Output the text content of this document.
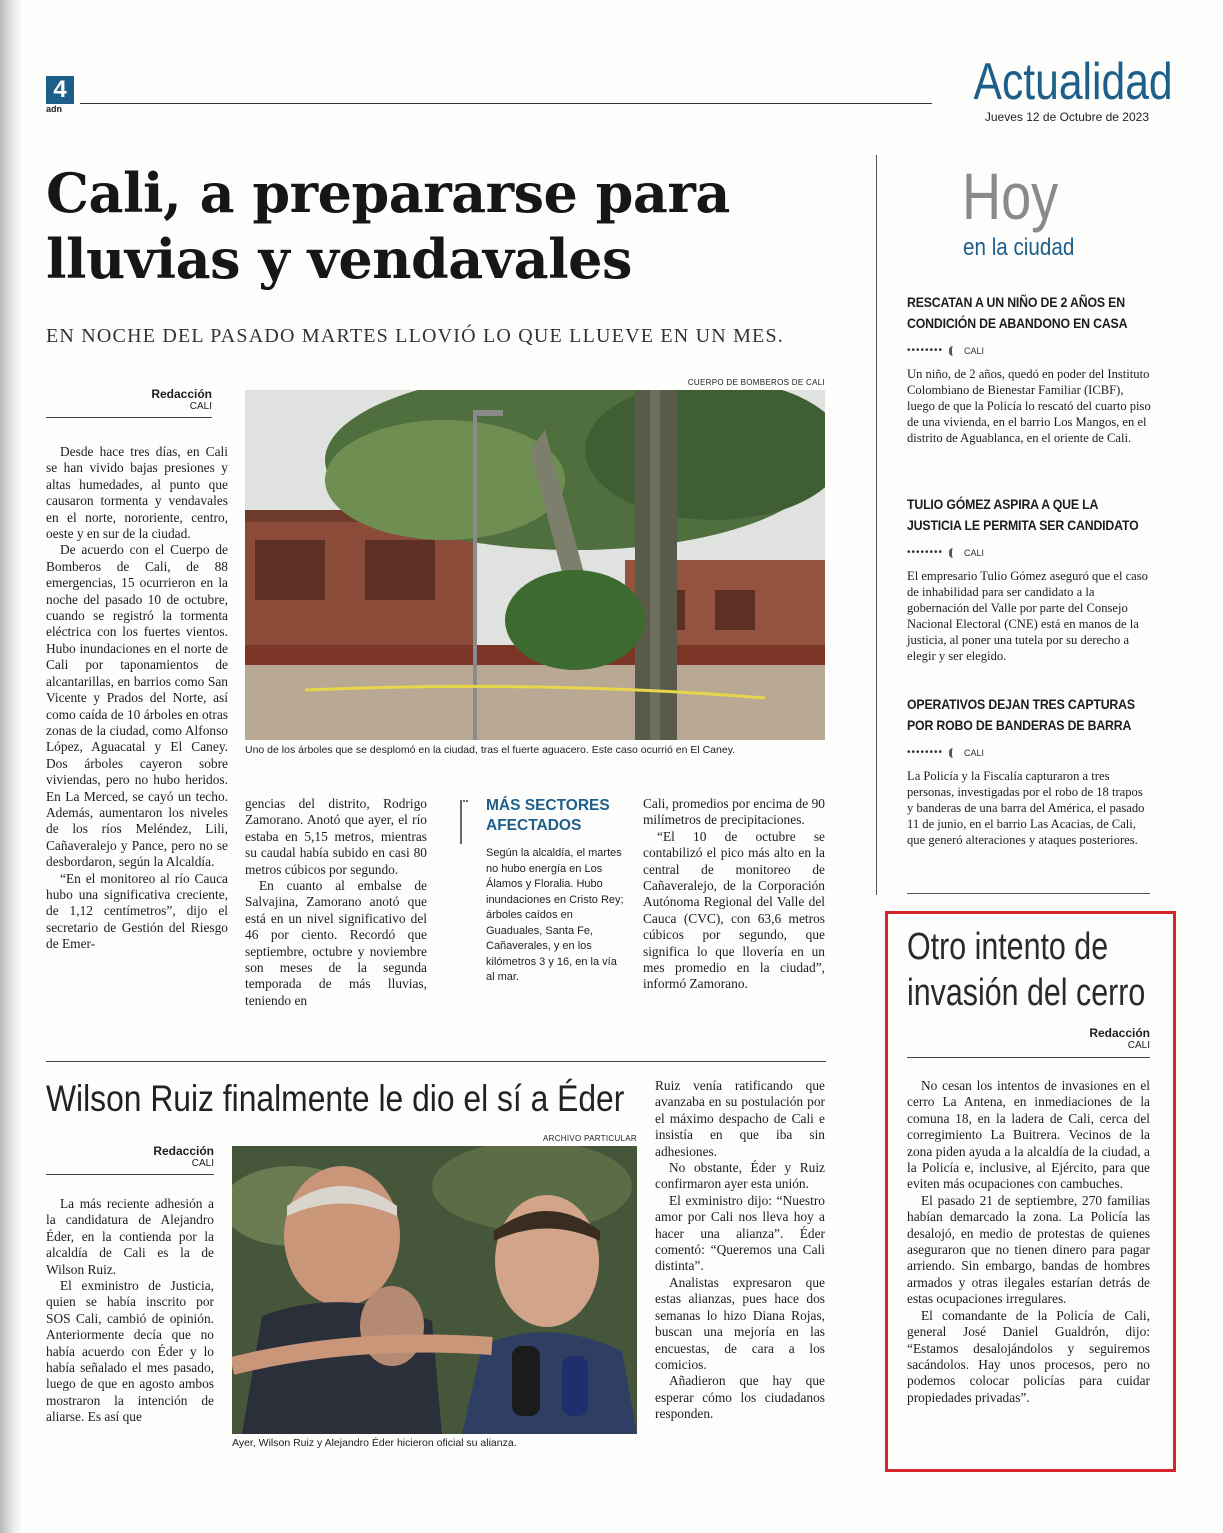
4
adn	Actualidad
Jueves 12 de Octubre de 2023
Cali, a prepararse para
lluvias y vendavales
EN NOCHE DEL PASADO MARTES LLOVIÓ LO QUE LLUEVE EN UN MES.
Redacción
CALI
CUERPO DE BOMBEROS DE CALI
Uno de los árboles que se desplomó en la ciudad, tras el fuerte aguacero. Este caso ocurrió en El Caney.

Desde hace tres días, en Cali se han vivido bajas presiones y altas humedades, al punto que causaron tormenta y vendavales en el norte, nororiente, centro, oeste y en sur de la ciudad.

De acuerdo con el Cuerpo de Bomberos de Cali, de 88 emergencias, 15 ocurrieron en la noche del pasado 10 de octubre, cuando se registró la tormenta eléctrica con los fuertes vientos. Hubo inundaciones en el norte de Cali por taponamientos de alcantarillas, en barrios como San Vicente y Prados del Norte, así como caída de 10 árboles en otras zonas de la ciudad, como Alfonso López, Aguacatal y El Caney. Dos árboles cayeron sobre viviendas, pero no hubo heridos. En La Merced, se cayó un techo. Además, aumentaron los niveles de los ríos Meléndez, Lili, Cañaveralejo y Pance, pero no se desbordaron, según la Alcaldía.

“En el monitoreo al río Cauca hubo una significativa creciente, de 1,12 centímetros”, dijo el secretario de Gestión del Riesgo de Emer-

gencias del distrito, Rodrigo Zamorano. Anotó que ayer, el río estaba en 5,15 metros, mientras su caudal había subido en casi 80 metros cúbicos por segundo.

En cuanto al embalse de Salvajina, Zamorano anotó que está en un nivel significativo del 46 por ciento. Recordó que septiembre, octubre y noviembre son meses de la segunda temporada de más lluvias, teniendo en

MÁS SECTORES
AFECTADOS
Según la alcaldía, el martes no hubo energía en Los Álamos y Floralia. Hubo inundaciones en Cristo Rey; árboles caídos en Guaduales, Santa Fe, Cañaverales, y en los kilómetros 3 y 16, en la vía al mar.

Cali, promedios por encima de 90 milímetros de precipitaciones.

“El 10 de octubre se contabilizó el pico más alto en la central de monitoreo de Cañaveralejo, de la Corporación Autónoma Regional del Valle del Cauca (CVC), con 63,6 metros cúbicos por segundo, que significa lo que llovería en un mes promedio en la ciudad”, informó Zamorano.

Wilson Ruiz finalmente le dio el sí a Éder
Redacción
CALI

La más reciente adhesión a la candidatura de Alejandro Éder, en la contienda por la alcaldía de Cali es la de Wilson Ruiz.

El exministro de Justicia, quien se había inscrito por SOS Cali, cambió de opinión. Anteriormente decía que no había acuerdo con Éder y lo había señalado el mes pasado, luego de que en agosto ambos mostraron la intención de aliarse. Es así que

ARCHIVO PARTICULAR
Ayer, Wilson Ruiz y Alejandro Éder hicieron oficial su alianza.

Ruiz venía ratificando que avanzaba en su postulación por el máximo despacho de Cali e insistía en que iba sin adhesiones.

No obstante, Éder y Ruiz confirmaron ayer esta unión.

El exministro dijo: “Nuestro amor por Cali nos lleva hoy a hacer una alianza”. Éder comentó: “Queremos una Cali distinta”.

Analistas expresaron que estas alianzas, pues hace dos semanas lo hizo Diana Rojas, buscan una mejoría en las encuestas, de cara a los comicios.

Añadieron que hay que esperar cómo los ciudadanos responden.

Hoy
en la ciudad
RESCATAN A UN NIÑO DE 2 AÑOS EN CONDICIÓN DE ABANDONO EN CASA
•••••••• CALI
Un niño, de 2 años, quedó en poder del Instituto Colombiano de Bienestar Familiar (ICBF), luego de que la Policía lo rescató del cuarto piso de una vivienda, en el barrio Los Mangos, en el distrito de Aguablanca, en el oriente de Cali.
TULIO GÓMEZ ASPIRA A QUE LA JUSTICIA LE PERMITA SER CANDIDATO
•••••••• CALI
El empresario Tulio Gómez aseguró que el caso de inhabilidad para ser candidato a la gobernación del Valle por parte del Consejo Nacional Electoral (CNE) está en manos de la justicia, al poner una tutela por su derecho a elegir y ser elegido.
OPERATIVOS DEJAN TRES CAPTURAS POR ROBO DE BANDERAS DE BARRA
•••••••• CALI
La Policía y la Fiscalía capturaron a tres personas, investigadas por el robo de 18 trapos y banderas de una barra del América, el pasado 11 de junio, en el barrio Las Acacias, de Cali, que generó alteraciones y ataques posteriores.
Otro intento de
invasión del cerro
Redacción
CALI

No cesan los intentos de invasiones en el cerro La Antena, en inmediaciones de la comuna 18, en la ladera de Cali, cerca del corregimiento La Buitrera. Vecinos de la zona piden ayuda a la alcaldía de la ciudad, a la Policía e, inclusive, al Ejército, para que eviten más ocupaciones con cambuches.

El pasado 21 de septiembre, 270 familias habían demarcado la zona. La Policía las desalojó, en medio de protestas de quienes aseguraron que no tienen dinero para pagar arriendo. Sin embargo, bandas de hombres armados y otras ilegales estarían detrás de estas ocupaciones irregulares.

El comandante de la Policía de Cali, general José Daniel Gualdrón, dijo: “Estamos desalojándolos y seguiremos sacándolos. Hay unos procesos, pero no podemos colocar policías para cuidar propiedades privadas”.
